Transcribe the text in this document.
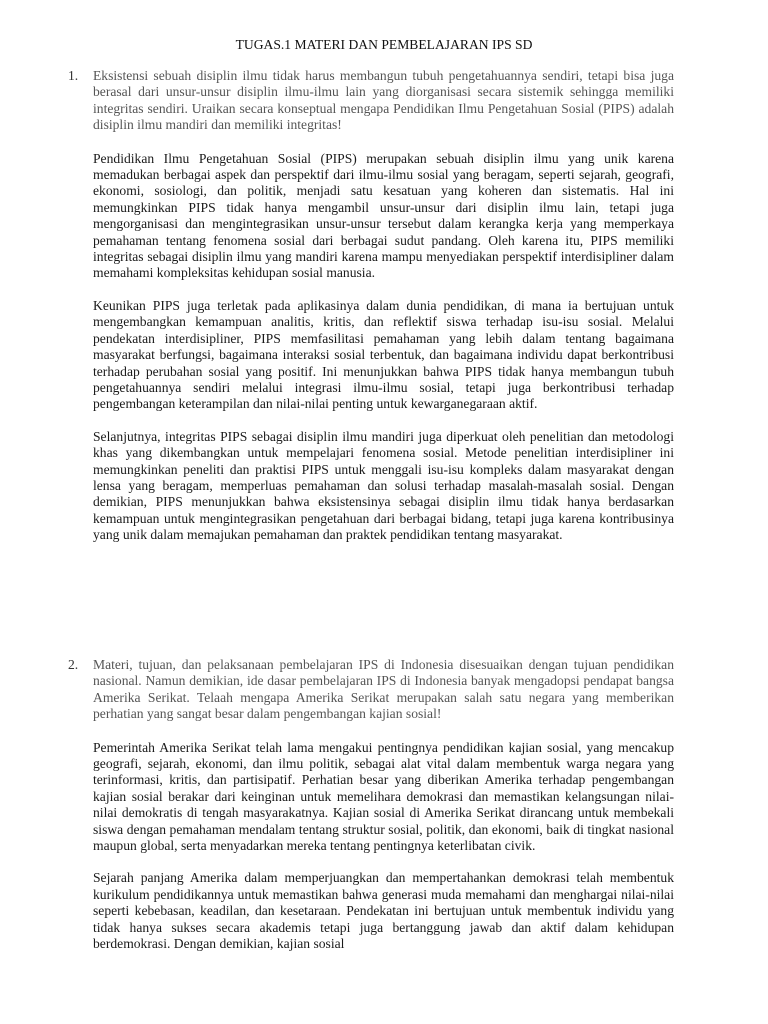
TUGAS.1 MATERI DAN PEMBELAJARAN IPS SD
1. Eksistensi sebuah disiplin ilmu tidak harus membangun tubuh pengetahuannya sendiri, tetapi bisa juga berasal dari unsur-unsur disiplin ilmu-ilmu lain yang diorganisasi secara sistemik sehingga memiliki integritas sendiri. Uraikan secara konseptual mengapa Pendidikan Ilmu Pengetahuan Sosial (PIPS) adalah disiplin ilmu mandiri dan memiliki integritas!

Pendidikan Ilmu Pengetahuan Sosial (PIPS) merupakan sebuah disiplin ilmu yang unik karena memadukan berbagai aspek dan perspektif dari ilmu-ilmu sosial yang beragam, seperti sejarah, geografi, ekonomi, sosiologi, dan politik, menjadi satu kesatuan yang koheren dan sistematis. Hal ini memungkinkan PIPS tidak hanya mengambil unsur-unsur dari disiplin ilmu lain, tetapi juga mengorganisasi dan mengintegrasikan unsur-unsur tersebut dalam kerangka kerja yang memperkaya pemahaman tentang fenomena sosial dari berbagai sudut pandang. Oleh karena itu, PIPS memiliki integritas sebagai disiplin ilmu yang mandiri karena mampu menyediakan perspektif interdisipliner dalam memahami kompleksitas kehidupan sosial manusia.

Keunikan PIPS juga terletak pada aplikasinya dalam dunia pendidikan, di mana ia bertujuan untuk mengembangkan kemampuan analitis, kritis, dan reflektif siswa terhadap isu-isu sosial. Melalui pendekatan interdisipliner, PIPS memfasilitasi pemahaman yang lebih dalam tentang bagaimana masyarakat berfungsi, bagaimana interaksi sosial terbentuk, dan bagaimana individu dapat berkontribusi terhadap perubahan sosial yang positif. Ini menunjukkan bahwa PIPS tidak hanya membangun tubuh pengetahuannya sendiri melalui integrasi ilmu-ilmu sosial, tetapi juga berkontribusi terhadap pengembangan keterampilan dan nilai-nilai penting untuk kewarganegaraan aktif.

Selanjutnya, integritas PIPS sebagai disiplin ilmu mandiri juga diperkuat oleh penelitian dan metodologi khas yang dikembangkan untuk mempelajari fenomena sosial. Metode penelitian interdisipliner ini memungkinkan peneliti dan praktisi PIPS untuk menggali isu-isu kompleks dalam masyarakat dengan lensa yang beragam, memperluas pemahaman dan solusi terhadap masalah-masalah sosial. Dengan demikian, PIPS menunjukkan bahwa eksistensinya sebagai disiplin ilmu tidak hanya berdasarkan kemampuan untuk mengintegrasikan pengetahuan dari berbagai bidang, tetapi juga karena kontribusinya yang unik dalam memajukan pemahaman dan praktek pendidikan tentang masyarakat.

2. Materi, tujuan, dan pelaksanaan pembelajaran IPS di Indonesia disesuaikan dengan tujuan pendidikan nasional. Namun demikian, ide dasar pembelajaran IPS di Indonesia banyak mengadopsi pendapat bangsa Amerika Serikat. Telaah mengapa Amerika Serikat merupakan salah satu negara yang memberikan perhatian yang sangat besar dalam pengembangan kajian sosial!

Pemerintah Amerika Serikat telah lama mengakui pentingnya pendidikan kajian sosial, yang mencakup geografi, sejarah, ekonomi, dan ilmu politik, sebagai alat vital dalam membentuk warga negara yang terinformasi, kritis, dan partisipatif. Perhatian besar yang diberikan Amerika terhadap pengembangan kajian sosial berakar dari keinginan untuk memelihara demokrasi dan memastikan kelangsungan nilai-nilai demokratis di tengah masyarakatnya. Kajian sosial di Amerika Serikat dirancang untuk membekali siswa dengan pemahaman mendalam tentang struktur sosial, politik, dan ekonomi, baik di tingkat nasional maupun global, serta menyadarkan mereka tentang pentingnya keterlibatan civik.

Sejarah panjang Amerika dalam memperjuangkan dan mempertahankan demokrasi telah membentuk kurikulum pendidikannya untuk memastikan bahwa generasi muda memahami dan menghargai nilai-nilai seperti kebebasan, keadilan, dan kesetaraan. Pendekatan ini bertujuan untuk membentuk individu yang tidak hanya sukses secara akademis tetapi juga bertanggung jawab dan aktif dalam kehidupan berdemokrasi. Dengan demikian, kajian sosial
